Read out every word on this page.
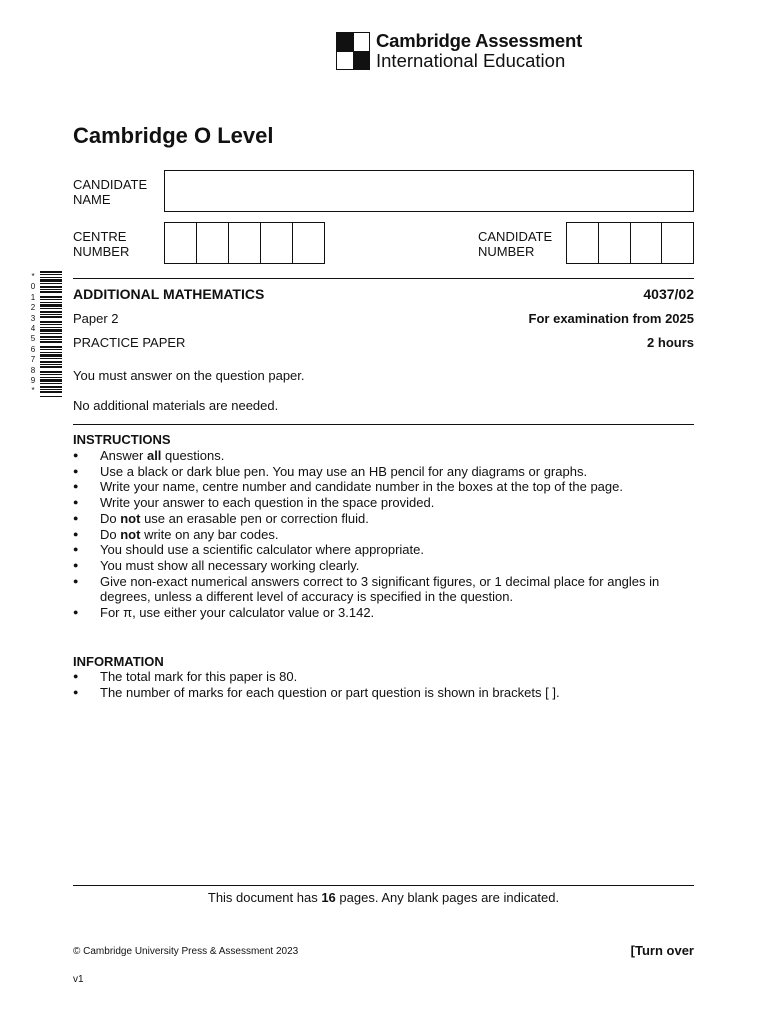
Cambridge Assessment
International Education
Cambridge O Level
CANDIDATE
NAME
CENTRE
NUMBER
CANDIDATE
NUMBER
*
0
1
2
3
4
5
6
7
8
9
*
ADDITIONAL MATHEMATICS	4037/02
Paper 2	For examination from 2025
PRACTICE PAPER	2 hours
You must answer on the question paper.
No additional materials are needed.
INSTRUCTIONS
● Answer all questions.
● Use a black or dark blue pen. You may use an HB pencil for any diagrams or graphs.
● Write your name, centre number and candidate number in the boxes at the top of the page.
● Write your answer to each question in the space provided.
● Do not use an erasable pen or correction fluid.
● Do not write on any bar codes.
● You should use a scientific calculator where appropriate.
● You must show all necessary working clearly.
● Give non-exact numerical answers correct to 3 significant figures, or 1 decimal place for angles in degrees, unless a different level of accuracy is specified in the question.
● For π, use either your calculator value or 3.142.
INFORMATION
● The total mark for this paper is 80.
● The number of marks for each question or part question is shown in brackets [ ].
This document has 16 pages. Any blank pages are indicated.
© Cambridge University Press & Assessment 2023	[Turn over
v1
